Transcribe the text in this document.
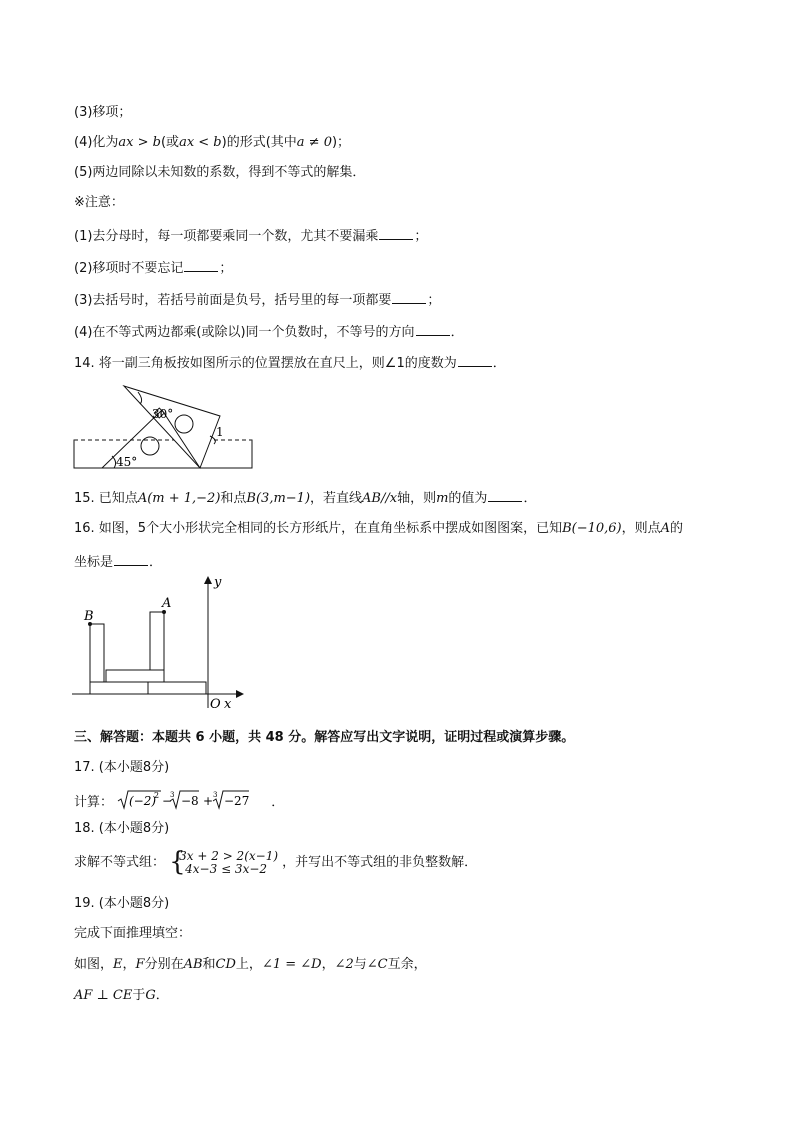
(3)移项；
(4)化为ax > b(或ax < b)的形式(其中a ≠ 0)；
(5)两边同除以未知数的系数，得到不等式的解集．
※注意：
(1)去分母时，每一项都要乘同一个数，尤其不要漏乘	；
(2)移项时不要忘记	；
(3)去括号时，若括号前面是负号，括号里的每一项都要	；
(4)在不等式两边都乘(或除以)同一个负数时，不等号的方向	．
14. 将一副三角板按如图所示的位置摆放在直尺上，则∠1的度数为	．
30°
45°
1
15. 已知点A(m + 1,−2)和点B(3,m−1)，若直线AB//x轴，则m的值为	．
16. 如图，5个大小形状完全相同的长方形纸片，在直角坐标系中摆成如图图案，已知B(−10,6)，则点A的
坐标是	．
B
A
y
O x
三、解答题：本题共 6 小题，共 48 分。解答应写出文字说明，证明过程或演算步骤。
17. (本小题8分)
计算： (−2)
2 −
3 −8 + 3 −27 ．
18. (本小题8分)
求解不等式组： {
3x + 2 > 2(x−1)
4x−3 ≤ 3x−2	，并写出不等式组的非负整数解．
19. (本小题8分)
完成下面推理填空：
如图，E，F分别在AB和CD上，∠1 = ∠D，∠2与∠C互余，
AF ⊥ CE于G．
